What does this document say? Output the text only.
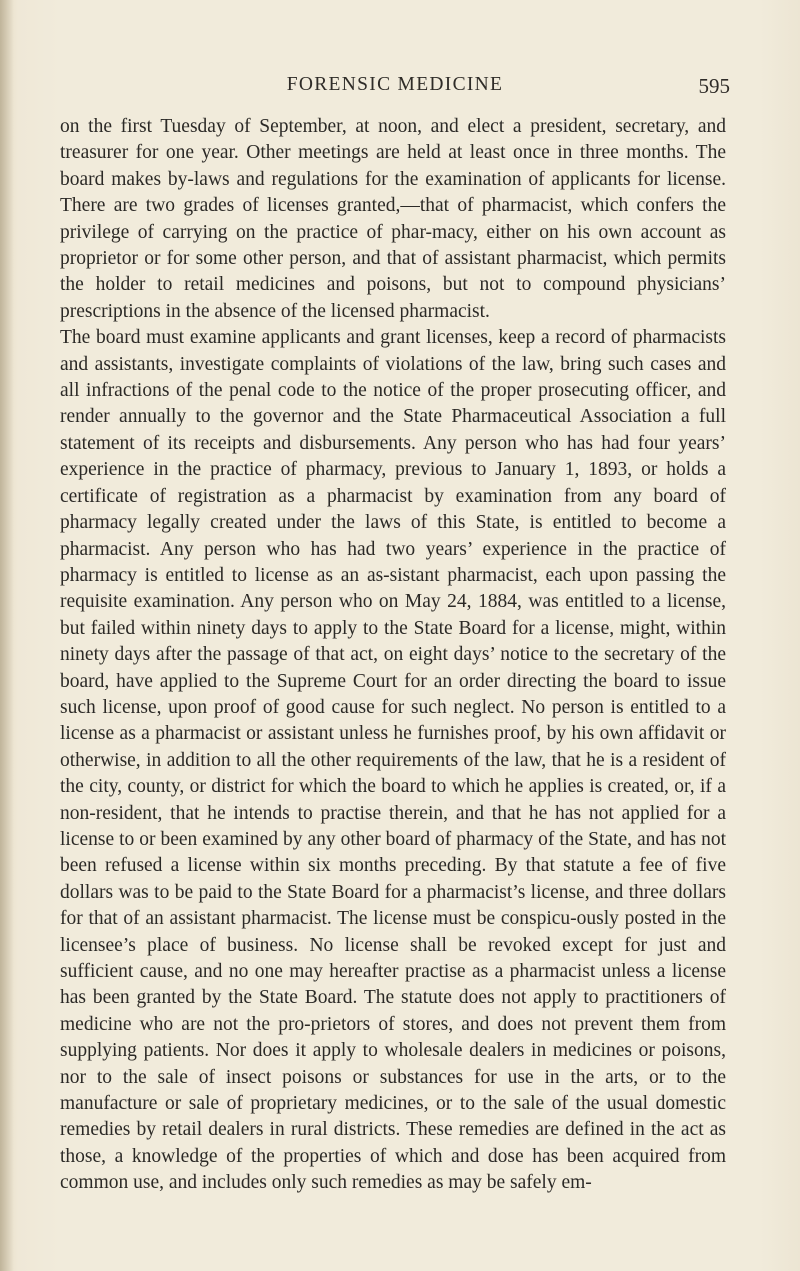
FORENSIC MEDICINE	595

on the first Tuesday of September, at noon, and elect a president, secretary, and treasurer for one year. Other meetings are held at least once in three months. The board makes by-laws and regulations for the examination of applicants for license. There are two grades of licenses granted,—that of pharmacist, which confers the privilege of carrying on the practice of phar-macy, either on his own account as proprietor or for some other person, and that of assistant pharmacist, which permits the holder to retail medicines and poisons, but not to compound physicians’ prescriptions in the absence of the licensed pharmacist.

The board must examine applicants and grant licenses, keep a record of pharmacists and assistants, investigate complaints of violations of the law, bring such cases and all infractions of the penal code to the notice of the proper prosecuting officer, and render annually to the governor and the State Pharmaceutical Association a full statement of its receipts and disbursements. Any person who has had four years’ experience in the practice of pharmacy, previous to January 1, 1893, or holds a certificate of registration as a pharmacist by examination from any board of pharmacy legally created under the laws of this State, is entitled to become a pharmacist. Any person who has had two years’ experience in the practice of pharmacy is entitled to license as an as-sistant pharmacist, each upon passing the requisite examination. Any person who on May 24, 1884, was entitled to a license, but failed within ninety days to apply to the State Board for a license, might, within ninety days after the passage of that act, on eight days’ notice to the secretary of the board, have applied to the Supreme Court for an order directing the board to issue such license, upon proof of good cause for such neglect. No person is entitled to a license as a pharmacist or assistant unless he furnishes proof, by his own affidavit or otherwise, in addition to all the other requirements of the law, that he is a resident of the city, county, or district for which the board to which he applies is created, or, if a non-resident, that he intends to practise therein, and that he has not applied for a license to or been examined by any other board of pharmacy of the State, and has not been refused a license within six months preceding. By that statute a fee of five dollars was to be paid to the State Board for a pharmacist’s license, and three dollars for that of an assistant pharmacist. The license must be conspicu-ously posted in the licensee’s place of business. No license shall be revoked except for just and sufficient cause, and no one may hereafter practise as a pharmacist unless a license has been granted by the State Board. The statute does not apply to practitioners of medicine who are not the pro-prietors of stores, and does not prevent them from supplying patients. Nor does it apply to wholesale dealers in medicines or poisons, nor to the sale of insect poisons or substances for use in the arts, or to the manufacture or sale of proprietary medicines, or to the sale of the usual domestic remedies by retail dealers in rural districts. These remedies are defined in the act as those, a knowledge of the properties of which and dose has been acquired from common use, and includes only such remedies as may be safely em-
